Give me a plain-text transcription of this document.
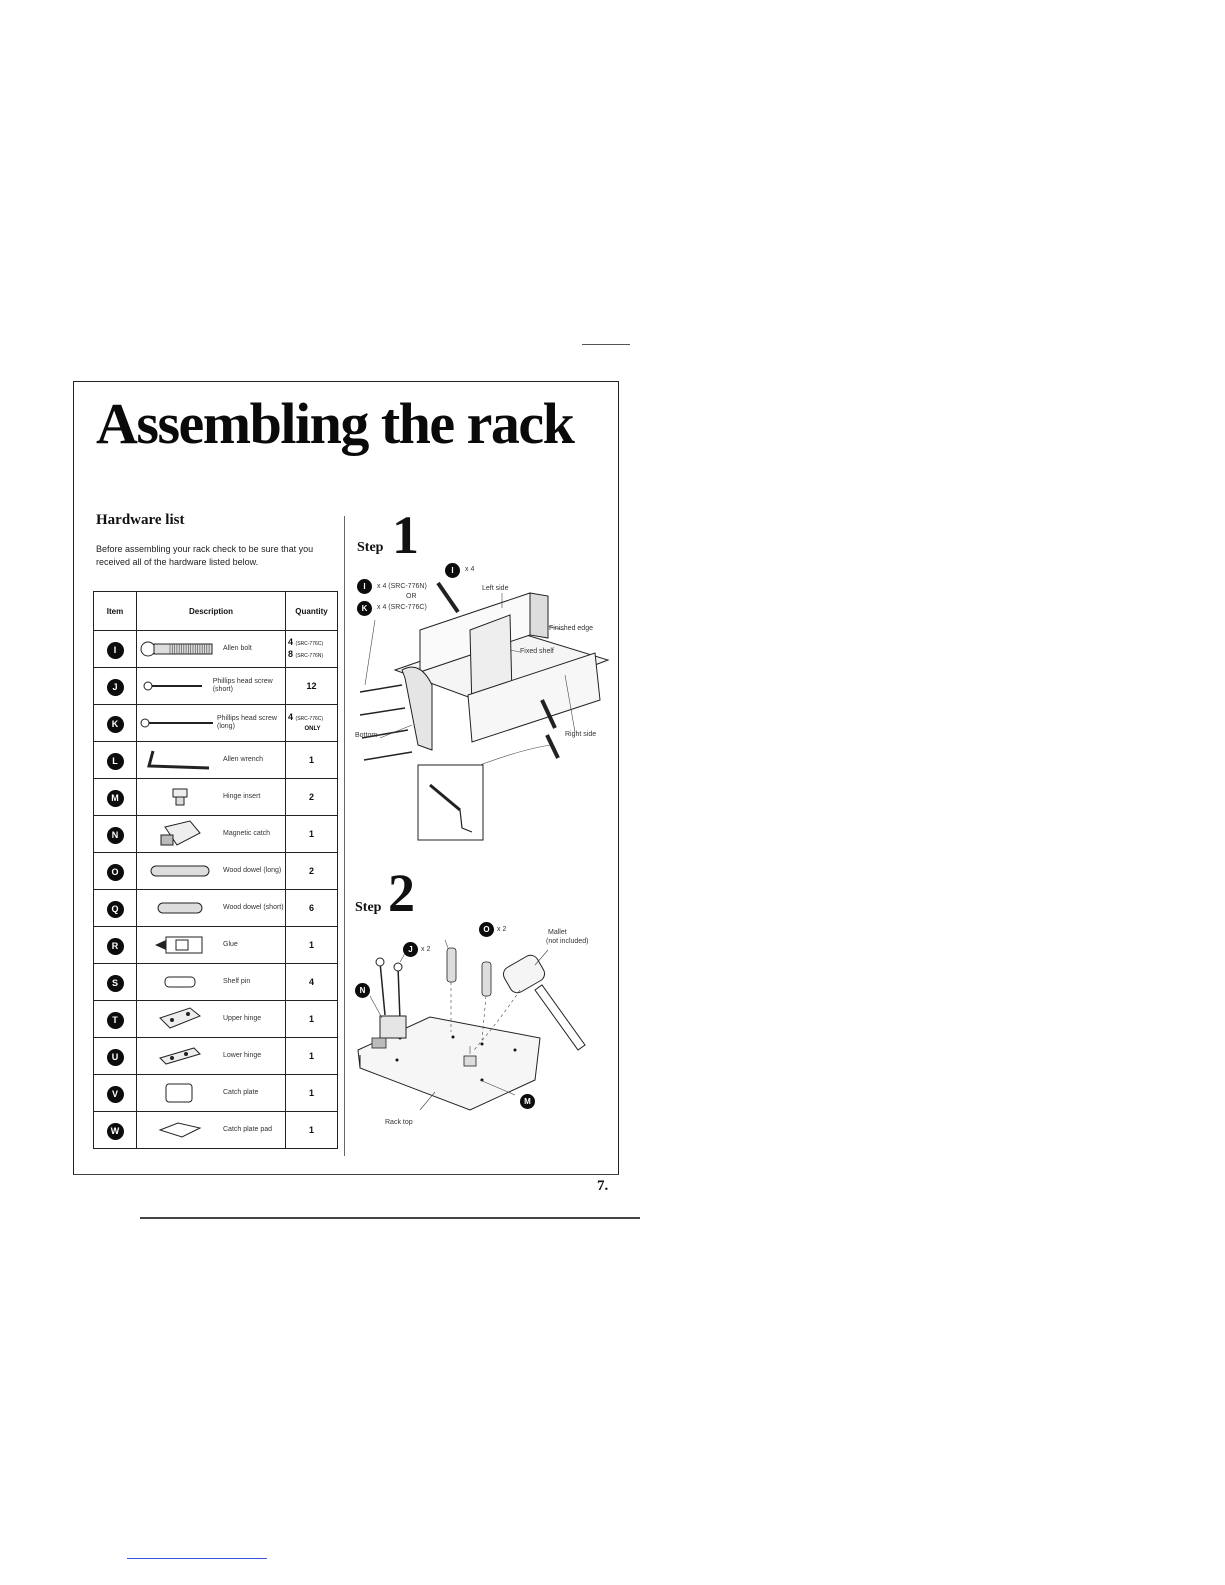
Assembling the rack
Hardware list

Before assembling your rack check to be sure that you received all of the hardware listed below.

Item	Description	Quantity
I	Allen bolt	4 (SRC-776C)
8 (SRC-776N)

J	Phillips head screw (short)	12
K	Phillips head screw (long)	4 (SRC-776C)
ONLY

L	Allen wrench	1
M	Hinge insert	2
N	Magnetic catch	1
O	Wood dowel (long)	2
Q	Wood dowel (short)	6
R	Glue	1
S	Shelf pin	4
T	Upper hinge	1
U	Lower hinge	1
V	Catch plate	1
W	Catch plate pad	1
Step 1
I	x 4
I	x 4 (SRC-776N)
OR
K	x 4 (SRC-776C)
Left side
Finished edge
Fixed shelf
Bottom	Right side
Step 2
O	x 2
J	x 2
N
M
Mallet
(not included)
Rack top
7.
